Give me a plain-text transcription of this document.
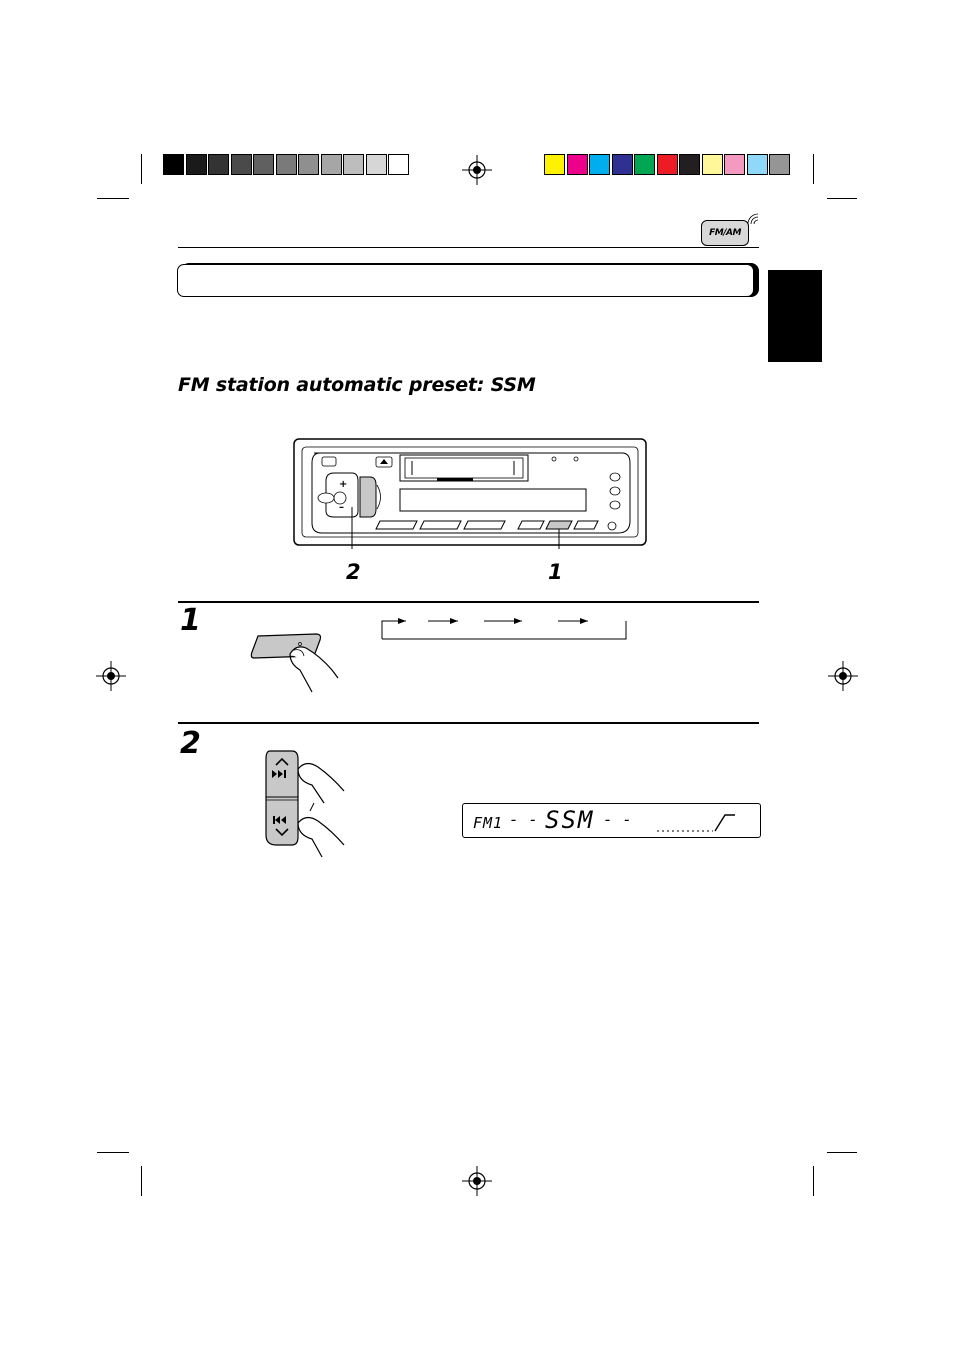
FM/AM
FM station automatic preset: SSM
+
–
2	1
1
2
FM1 - - SSM - -
